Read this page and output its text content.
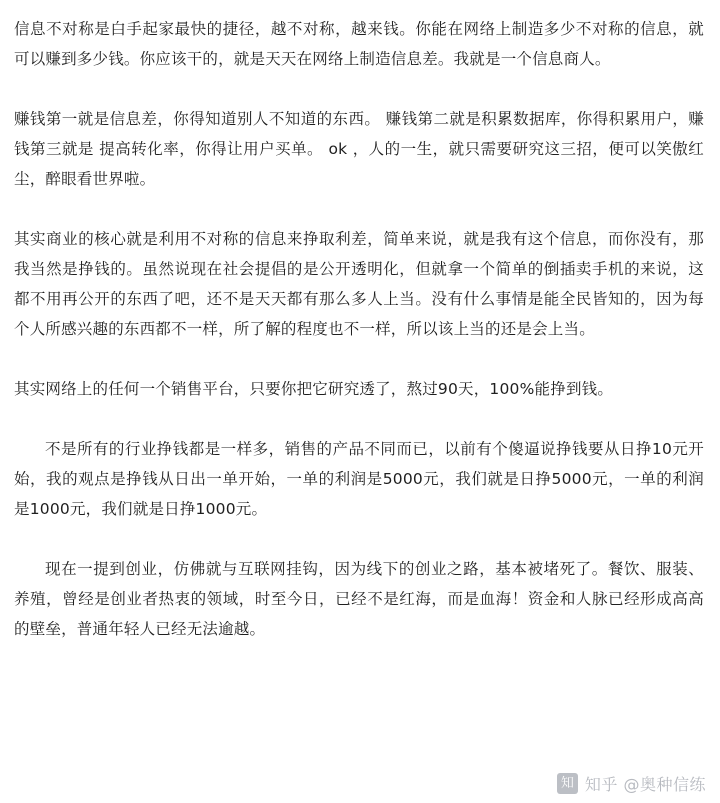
信息不对称是白手起家最快的捷径，越不对称，越来钱。你能在网络上制造多少不对称的信息，就可以赚到多少钱。你应该干的，就是天天在网络上制造信息差。我就是一个信息商人。

赚钱第一就是信息差，你得知道别人不知道的东西。 赚钱第二就是积累数据库，你得积累用户，赚钱第三就是 提高转化率，你得让用户买单。 ok ，人的一生，就只需要研究这三招，便可以笑傲红尘，醉眼看世界啦。

其实商业的核心就是利用不对称的信息来挣取利差，简单来说，就是我有这个信息，而你没有，那我当然是挣钱的。虽然说现在社会提倡的是公开透明化，但就拿一个简单的倒插卖手机的来说，这都不用再公开的东西了吧，还不是天天都有那么多人上当。没有什么事情是能全民皆知的，因为每个人所感兴趣的东西都不一样，所了解的程度也不一样，所以该上当的还是会上当。

其实网络上的任何一个销售平台，只要你把它研究透了，熬过90天，100%能挣到钱。

不是所有的行业挣钱都是一样多，销售的产品不同而已，以前有个傻逼说挣钱要从日挣10元开始，我的观点是挣钱从日出一单开始，一单的利润是5000元，我们就是日挣5000元，一单的利润是1000元，我们就是日挣1000元。

现在一提到创业，仿佛就与互联网挂钩，因为线下的创业之路，基本被堵死了。餐饮、服装、养殖，曾经是创业者热衷的领域，时至今日，已经不是红海，而是血海！资金和人脉已经形成高高的壁垒，普通年轻人已经无法逾越。

知 知乎 @奥种信练
